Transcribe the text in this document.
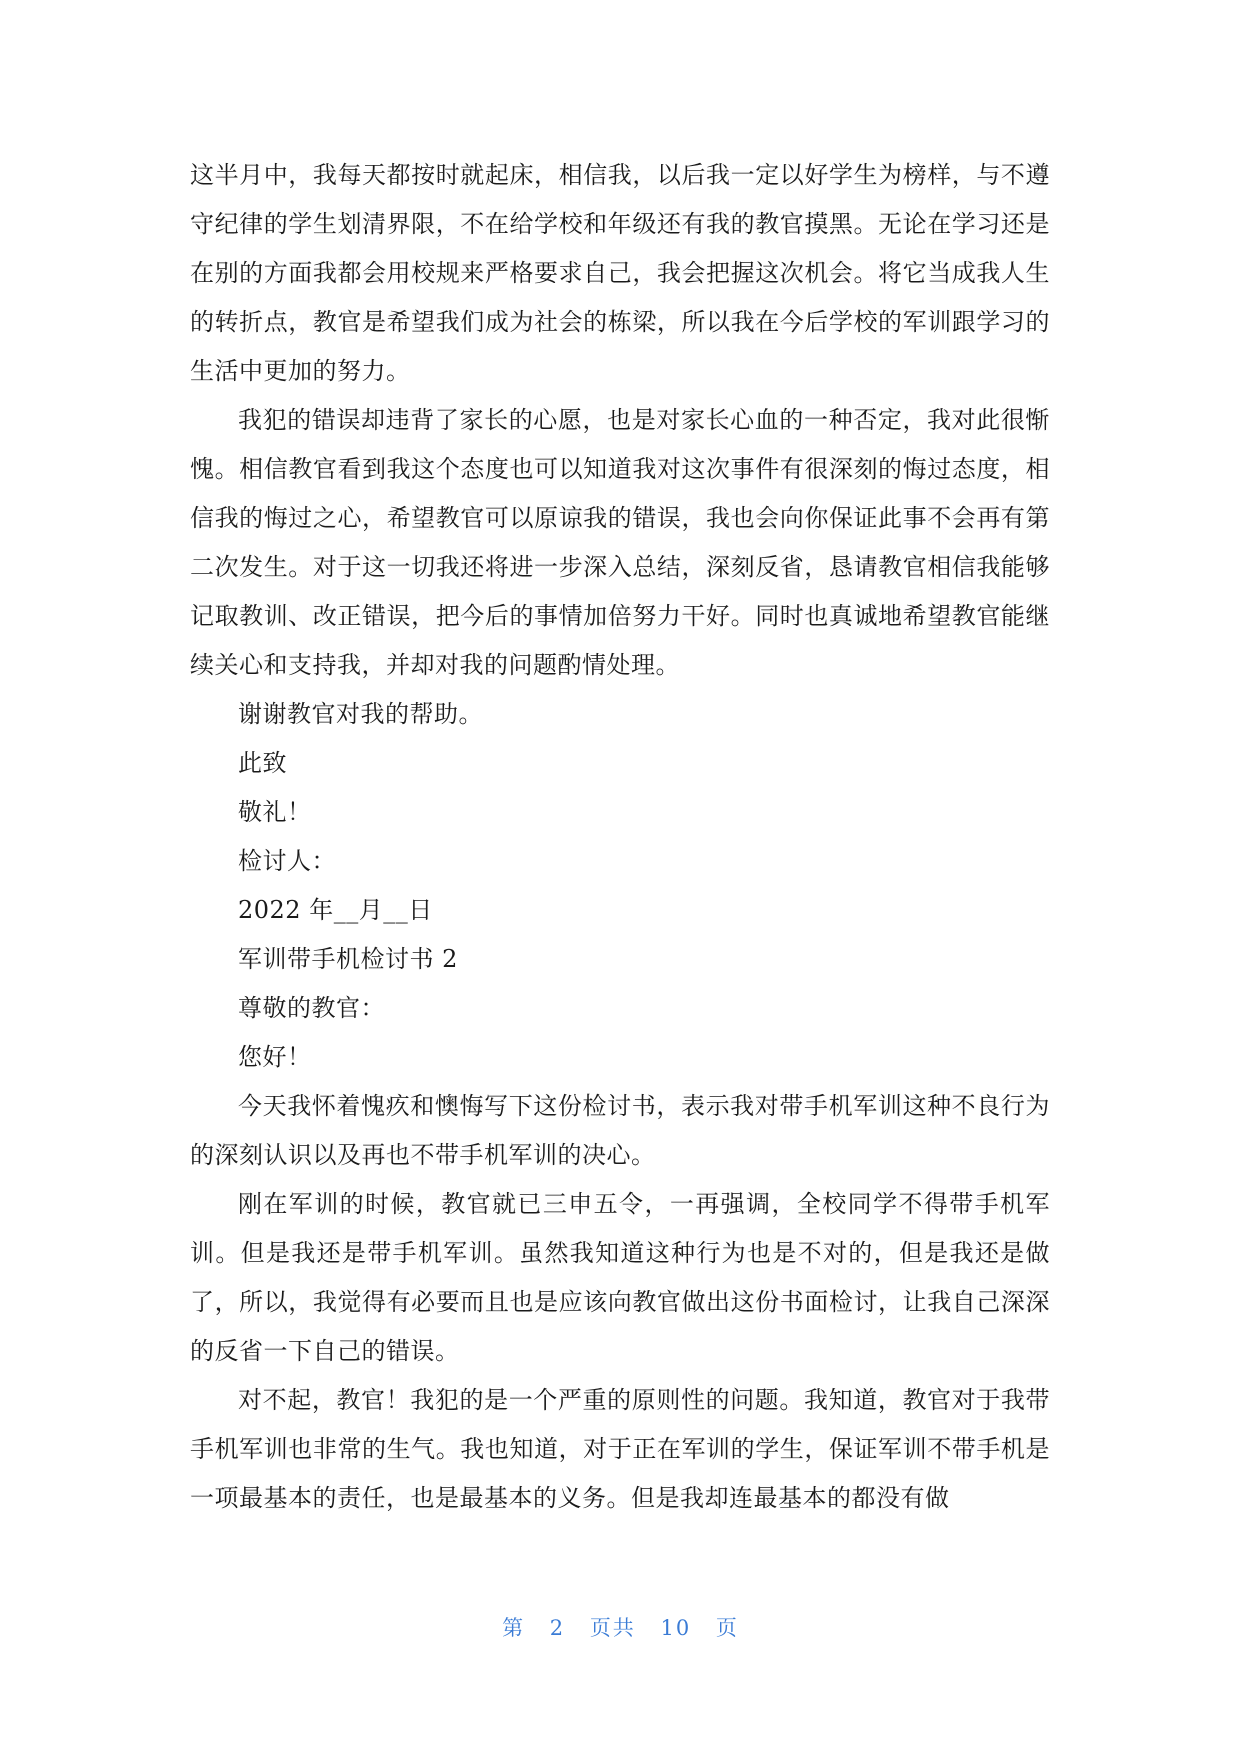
这半月中，我每天都按时就起床，相信我，以后我一定以好学生为榜样，与不遵守纪律的学生划清界限，不在给学校和年级还有我的教官摸黑。无论在学习还是在别的方面我都会用校规来严格要求自己，我会把握这次机会。将它当成我人生的转折点，教官是希望我们成为社会的栋梁，所以我在今后学校的军训跟学习的生活中更加的努力。

我犯的错误却违背了家长的心愿，也是对家长心血的一种否定，我对此很惭愧。相信教官看到我这个态度也可以知道我对这次事件有很深刻的悔过态度，相信我的悔过之心，希望教官可以原谅我的错误，我也会向你保证此事不会再有第二次发生。对于这一切我还将进一步深入总结，深刻反省，恳请教官相信我能够记取教训、改正错误，把今后的事情加倍努力干好。同时也真诚地希望教官能继续关心和支持我，并却对我的问题酌情处理。

谢谢教官对我的帮助。

此致

敬礼！

检讨人：

2022 年__月__日

军训带手机检讨书 2

尊敬的教官：

您好！

今天我怀着愧疚和懊悔写下这份检讨书，表示我对带手机军训这种不良行为的深刻认识以及再也不带手机军训的决心。

刚在军训的时候，教官就已三申五令，一再强调，全校同学不得带手机军训。但是我还是带手机军训。虽然我知道这种行为也是不对的，但是我还是做了，所以，我觉得有必要而且也是应该向教官做出这份书面检讨，让我自己深深的反省一下自己的错误。

对不起，教官！我犯的是一个严重的原则性的问题。我知道，教官对于我带手机军训也非常的生气。我也知道，对于正在军训的学生，保证军训不带手机是一项最基本的责任，也是最基本的义务。但是我却连最基本的都没有做

第 2 页共 10 页
